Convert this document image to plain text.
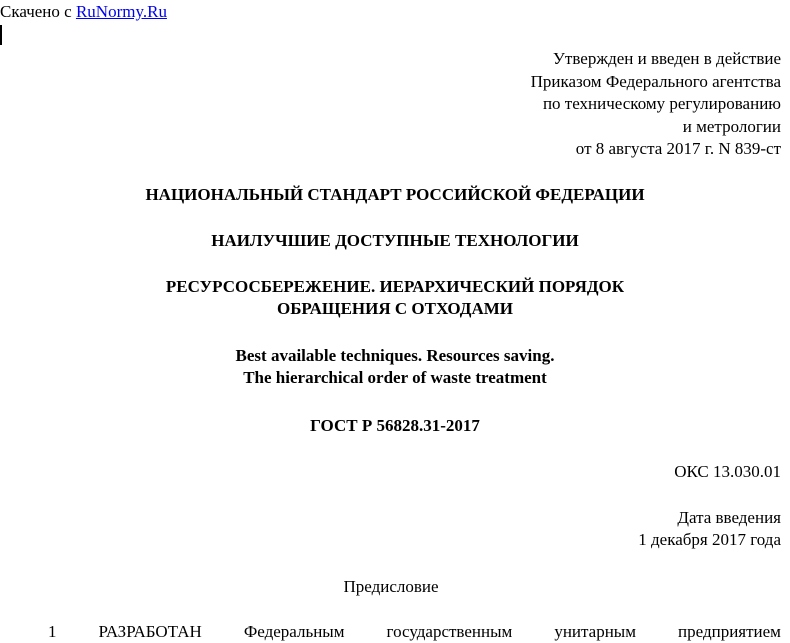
Скачено с RuNormy.Ru
Утвержден и введен в действие
Приказом Федерального агентства
по техническому регулированию
и метрологии
от 8 августа 2017 г. N 839-ст
НАЦИОНАЛЬНЫЙ СТАНДАРТ РОССИЙСКОЙ ФЕДЕРАЦИИ
НАИЛУЧШИЕ ДОСТУПНЫЕ ТЕХНОЛОГИИ
РЕСУРСОСБЕРЕЖЕНИЕ. ИЕРАРХИЧЕСКИЙ ПОРЯДОК
ОБРАЩЕНИЯ С ОТХОДАМИ
Best available techniques. Resources saving.
The hierarchical order of waste treatment
ГОСТ Р 56828.31-2017
ОКС 13.030.01
Дата введения
1 декабря 2017 года
Предисловие
1 РАЗРАБОТАН Федеральным государственным унитарным предприятием
